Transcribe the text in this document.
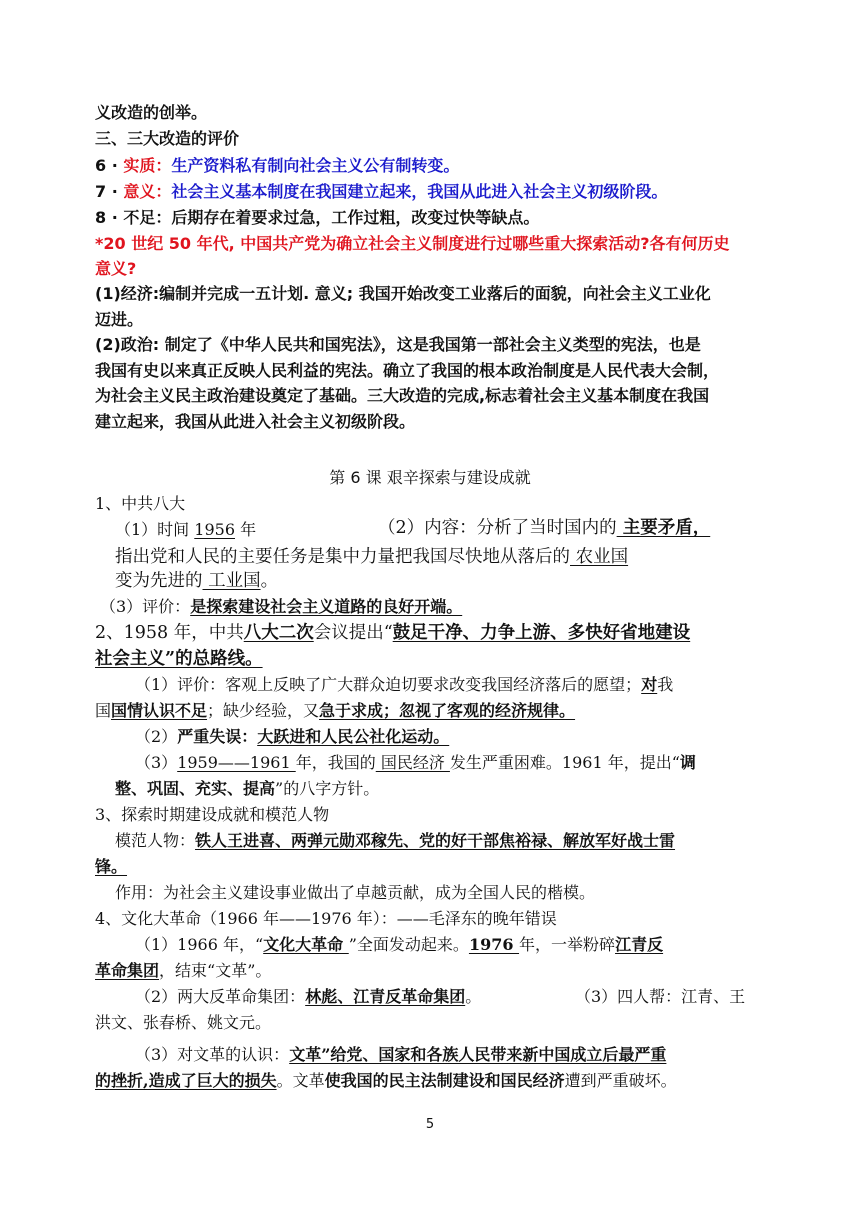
义改造的创举。
三、三大改造的评价
6 · 实质：生产资料私有制向社会主义公有制转变。
7 · 意义：社会主义基本制度在我国建立起来，我国从此进入社会主义初级阶段。
8 · 不足：后期存在着要求过急，工作过粗，改变过快等缺点。
*20 世纪 50 年代, 中国共产党为确立社会主义制度进行过哪些重大探索活动?各有何历史
意义?
(1)经济:编制并完成一五计划. 意义; 我国开始改变工业落后的面貌，向社会主义工业化
迈进。
(2)政治: 制定了《中华人民共和国宪法》，这是我国第一部社会主义类型的宪法，也是
我国有史以来真正反映人民利益的宪法。确立了我国的根本政治制度是人民代表大会制，
为社会主义民主政治建设奠定了基础。三大改造的完成,标志着社会主义基本制度在我国
建立起来，我国从此进入社会主义初级阶段。
第 6 课 艰辛探索与建设成就
1、中共八大
（1）时间 1956 年	（2）内容：分析了当时国内的 主要矛盾，
指出党和人民的主要任务是集中力量把我国尽快地从落后的 农业国
变为先进的 工业国。
（3）评价：是探索建设社会主义道路的良好开端。
2、1958 年，中共八大二次会议提出“鼓足干净、力争上游、多快好省地建设
社会主义”的总路线。
（1）评价：客观上反映了广大群众迫切要求改变我国经济落后的愿望；对我
国国情认识不足；缺少经验，又急于求成；忽视了客观的经济规律。
（2）严重失误：大跃进和人民公社化运动。
（3）1959——1961 年，我国的 国民经济 发生严重困难。1961 年，提出“调
整、巩固、充实、提高”的八字方针。
3、探索时期建设成就和模范人物
模范人物：铁人王进喜、两弹元勋邓稼先、党的好干部焦裕禄、解放军好战士雷
锋。
作用：为社会主义建设事业做出了卓越贡献，成为全国人民的楷模。
4、文化大革命（1966 年——1976 年）：——毛泽东的晚年错误
（1）1966 年，“文化大革命 ”全面发动起来。1976 年，一举粉碎江青反
革命集团，结束“文革”。
（2）两大反革命集团：林彪、江青反革命集团。	（3）四人帮：江青、王
洪文、张春桥、姚文元。
（3）对文革的认识：文革”给党、国家和各族人民带来新中国成立后最严重
的挫折,造成了巨大的损失。文革使我国的民主法制建设和国民经济遭到严重破坏。
5
